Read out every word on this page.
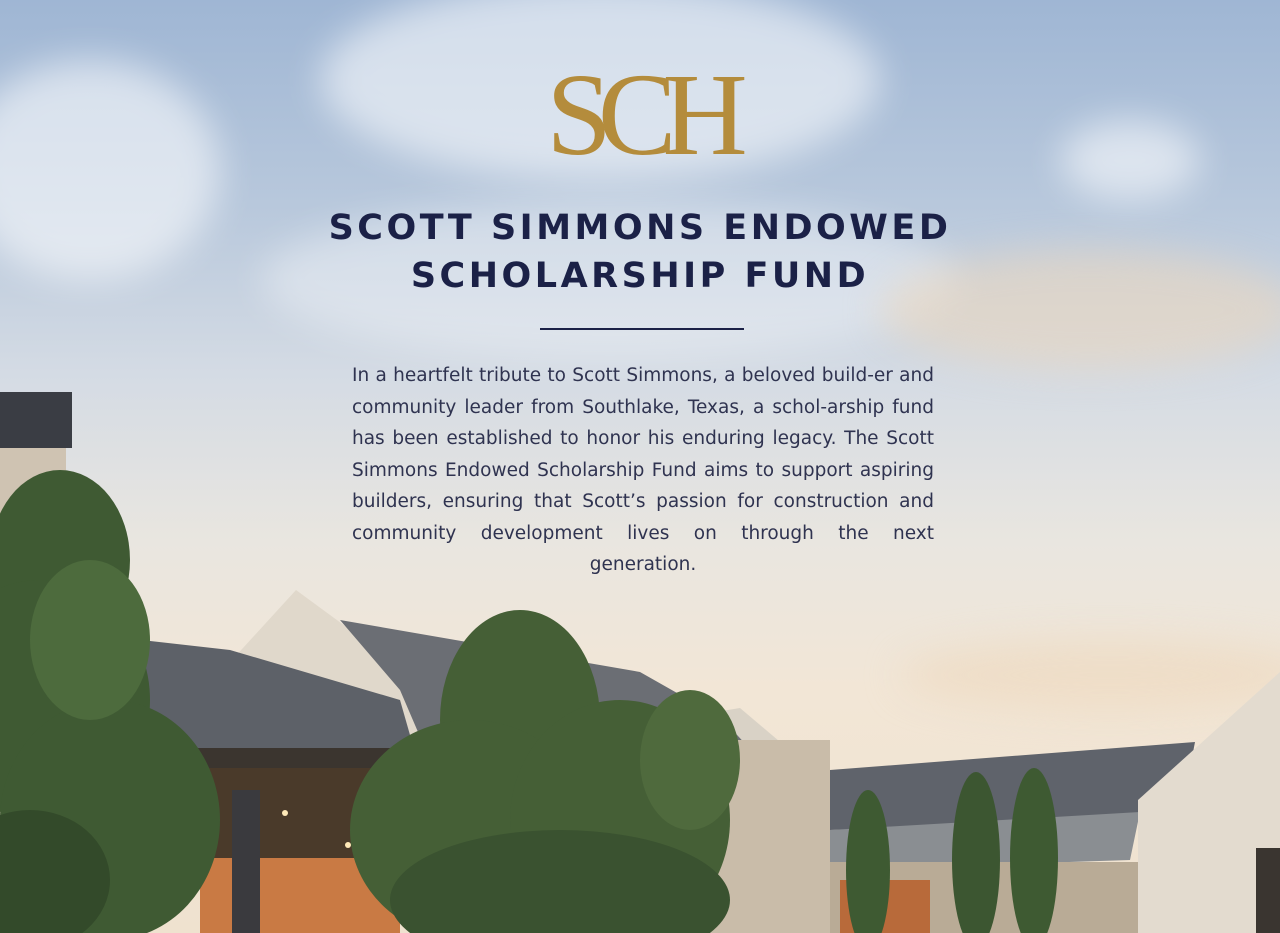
SCH
SCOTT SIMMONS ENDOWED
SCHOLARSHIP FUND

In a heartfelt tribute to Scott Simmons, a beloved build-er and community leader from Southlake, Texas, a schol-arship fund has been established to honor his enduring legacy. The Scott Simmons Endowed Scholarship Fund aims to support aspiring builders, ensuring that Scott’s passion for construction and community development lives on through the next generation.
